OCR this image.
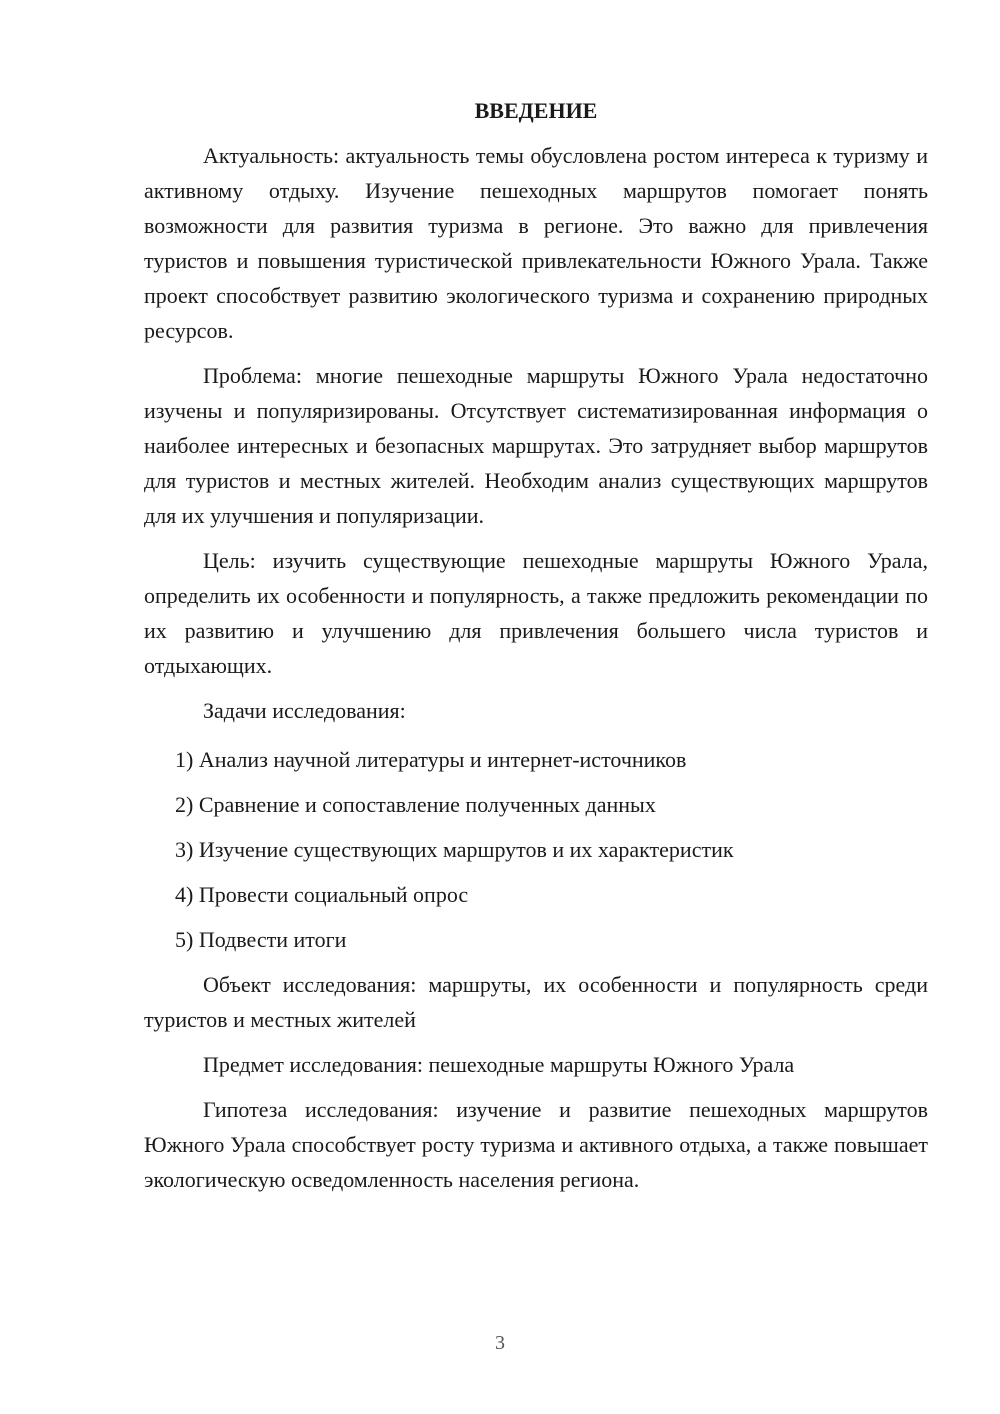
ВВЕДЕНИЕ

Актуальность: актуальность темы обусловлена ростом интереса к туризму и активному отдыху. Изучение пешеходных маршрутов помогает понять возможности для развития туризма в регионе. Это важно для привлечения туристов и повышения туристической привлекательности Южного Урала. Также проект способствует развитию экологического туризма и сохранению природных ресурсов.

Проблема: многие пешеходные маршруты Южного Урала недостаточно изучены и популяризированы. Отсутствует систематизированная информация о наиболее интересных и безопасных маршрутах. Это затрудняет выбор маршрутов для туристов и местных жителей. Необходим анализ существующих маршрутов для их улучшения и популяризации.

Цель: изучить существующие пешеходные маршруты Южного Урала, определить их особенности и популярность, а также предложить рекомендации по их развитию и улучшению для привлечения большего числа туристов и отдыхающих.

Задачи исследования:

1) Анализ научной литературы и интернет-источников
2) Сравнение и сопоставление полученных данных
3) Изучение существующих маршрутов и их характеристик
4) Провести социальный опрос
5) Подвести итоги

Объект исследования: маршруты, их особенности и популярность среди туристов и местных жителей

Предмет исследования: пешеходные маршруты Южного Урала

Гипотеза исследования: изучение и развитие пешеходных маршрутов Южного Урала способствует росту туризма и активного отдыха, а также повышает экологическую осведомленность населения региона.

3
